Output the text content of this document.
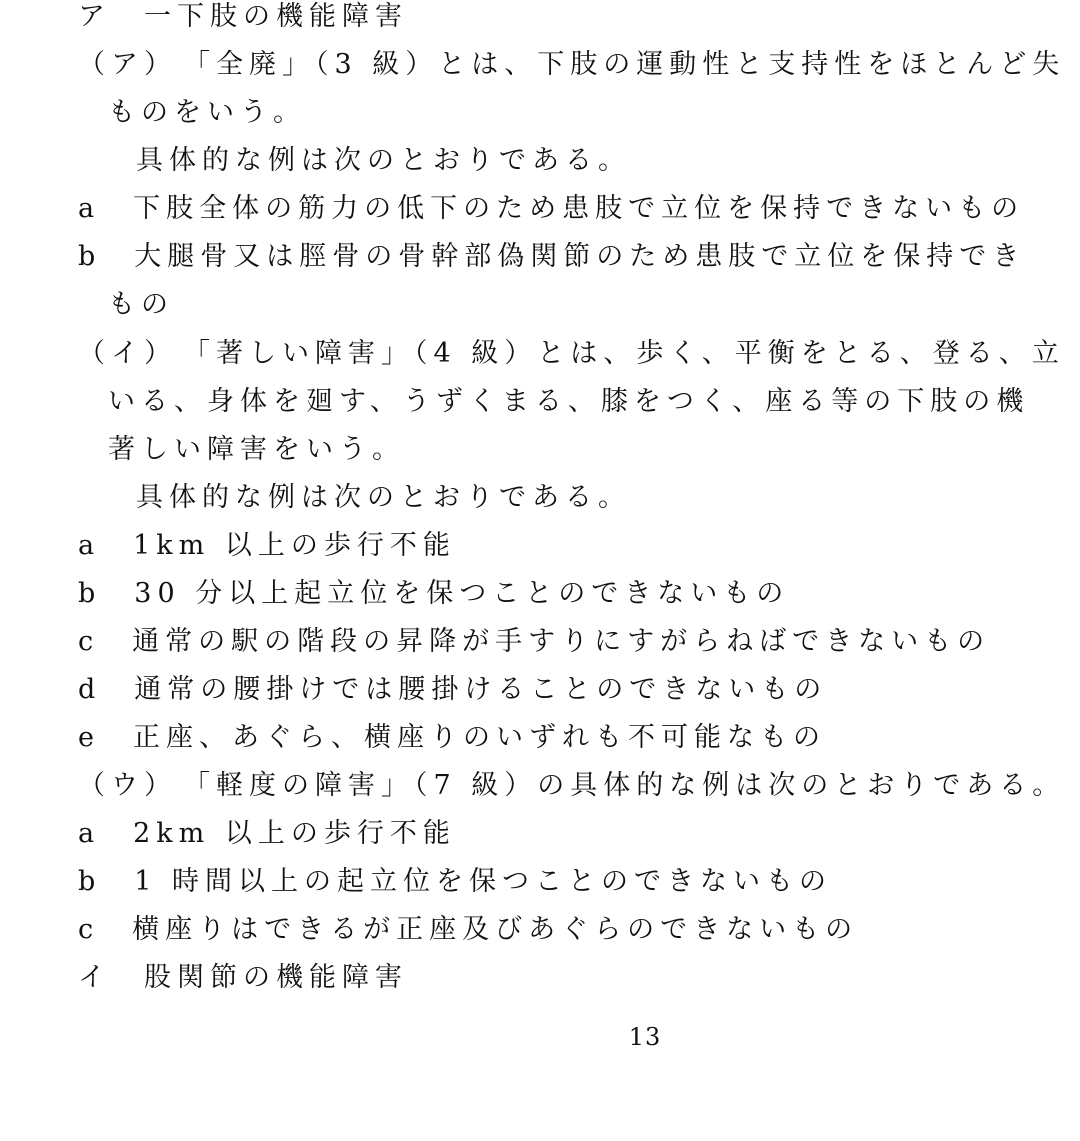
ア　一下肢の機能障害
（ア）　「全廃」（3 級）とは、下肢の運動性と支持性をほとんど失
ものをいう。
具体的な例は次のとおりである。
a　下肢全体の筋力の低下のため患肢で立位を保持できないもの
b　大腿骨又は脛骨の骨幹部偽関節のため患肢で立位を保持でき
もの
（イ）　「著しい障害」（4 級）とは、歩く、平衡をとる、登る、立
いる、身体を廻す、うずくまる、膝をつく、座る等の下肢の機
著しい障害をいう。
具体的な例は次のとおりである。
a　1km 以上の歩行不能
b　30 分以上起立位を保つことのできないもの
c　通常の駅の階段の昇降が手すりにすがらねばできないもの
d　通常の腰掛けでは腰掛けることのできないもの
e　正座、あぐら、横座りのいずれも不可能なもの
（ウ）　「軽度の障害」（7 級）の具体的な例は次のとおりである。
a　2km 以上の歩行不能
b　1 時間以上の起立位を保つことのできないもの
c　横座りはできるが正座及びあぐらのできないもの
イ　股関節の機能障害
13
